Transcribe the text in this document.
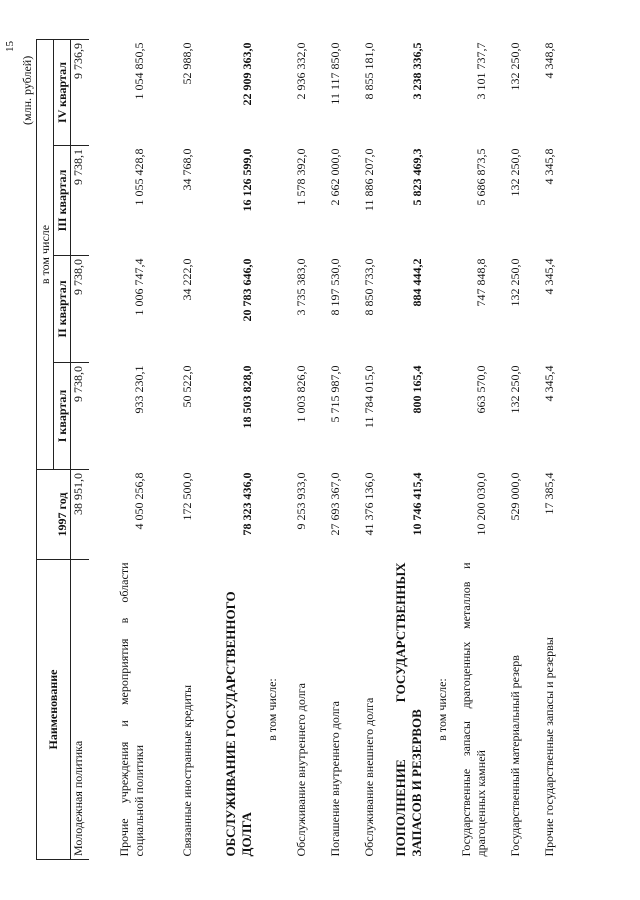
15
(млн. рублей)
Наименование	1997 год	в том числе			
		I квартал	II квартал	III квартал	IV квартал
Молодежная политика	38 951,0	9 738,0	9 738,0	9 738,1	9 736,9

Прочие учреждения и мероприятия в области социальной политики	4 050 256,8	933 230,1	1 006 747,4	1 055 428,8	1 054 850,5

Связанные иностранные кредиты	172 500,0	50 522,0	34 222,0	34 768,0	52 988,0

ОБСЛУЖИВАНИЕ ГОСУДАРСТВЕННОГО ДОЛГА	78 323 436,0	18 503 828,0	20 783 646,0	16 126 599,0	22 909 363,0
в том числе:					
Обслуживание внутреннего долга	9 253 933,0	1 003 826,0	3 735 383,0	1 578 392,0	2 936 332,0

Погашение внутреннего долга	27 693 367,0	5 715 987,0	8 197 530,0	2 662 000,0	11 117 850,0

Обслуживание внешнего долга	41 376 136,0	11 784 015,0	8 850 733,0	11 886 207,0	8 855 181,0

ПОПОЛНЕНИЕ ГОСУДАРСТВЕННЫХ ЗАПАСОВ И РЕЗЕРВОВ	10 746 415,4	800 165,4	884 444,2	5 823 469,3	3 238 336,5
в том числе:					
Государственные запасы драгоценных металлов и драгоценных камней	10 200 030,0	663 570,0	747 848,8	5 686 873,5	3 101 737,7

Государственный материальный резерв	529 000,0	132 250,0	132 250,0	132 250,0	132 250,0

Прочие государственные запасы и резервы	17 385,4	4 345,4	4 345,4	4 345,8	4 348,8
